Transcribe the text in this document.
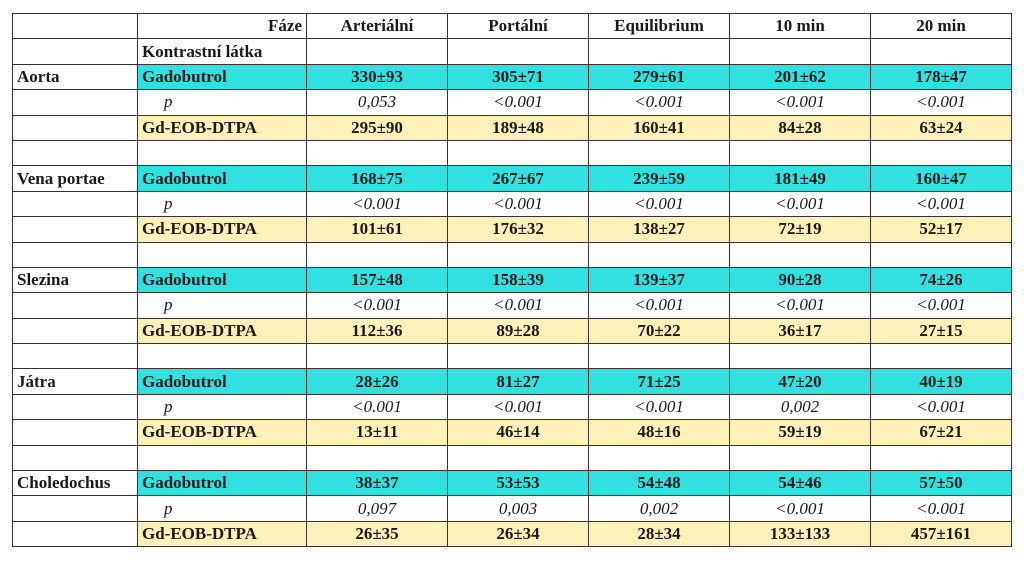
	Fáze	Arteriální	Portální	Equilibrium	10 min	20 min
	Kontrastní látka					
Aorta	Gadobutrol	330±93	305±71	279±61	201±62	178±47
	p	0,053	<0.001	<0.001	<0.001	<0.001
	Gd-EOB-DTPA	295±90	189±48	160±41	84±28	63±24

Vena portae	Gadobutrol	168±75	267±67	239±59	181±49	160±47
	p	<0.001	<0.001	<0.001	<0.001	<0.001
	Gd-EOB-DTPA	101±61	176±32	138±27	72±19	52±17

Slezina	Gadobutrol	157±48	158±39	139±37	90±28	74±26
	p	<0.001	<0.001	<0.001	<0.001	<0.001
	Gd-EOB-DTPA	112±36	89±28	70±22	36±17	27±15

Játra	Gadobutrol	28±26	81±27	71±25	47±20	40±19
	p	<0.001	<0.001	<0.001	0,002	<0.001
	Gd-EOB-DTPA	13±11	46±14	48±16	59±19	67±21

Choledochus	Gadobutrol	38±37	53±53	54±48	54±46	57±50
	p	0,097	0,003	0,002	<0.001	<0.001
	Gd-EOB-DTPA	26±35	26±34	28±34	133±133	457±161
